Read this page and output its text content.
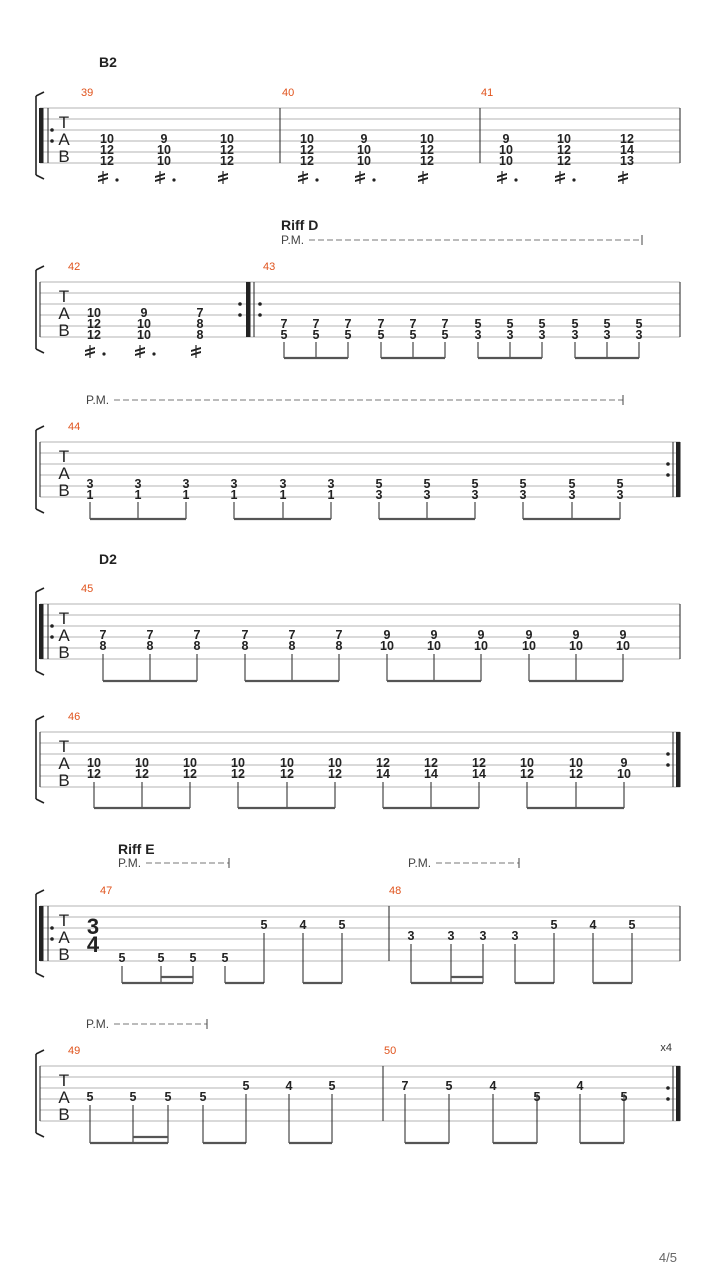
B2
T
A
B
39
10
12
12
9
10
10
10
12
12
40
10
12
12
9
10
10
10
12
12
41
9
10
10
10
12
12
12
14
13
Riff D
P.M.
T
A
B
42
10
12
12
9
10
10
7
8
8
43
7
5
7
5
7
5
7
5
7
5
7
5
5
3
5
3
5
3
5
3
5
3
5
3
P.M.
T
A
B
44
3
1
3
1
3
1
3
1
3
1
3
1
5
3
5
3
5
3
5
3
5
3
5
3
D2
T
A
B
45
7
8
7
8
7
8
7
8
7
8
7
8
9
10
9
10
9
10
9
10
9
10
9
10
T
A
B
46
10
12
10
12
10
12
10
12
10
12
10
12
12
14
12
14
12
14
10
12
10
12
9
10
Riff E
P.M.	P.M.
T
A
B
3
4
47
5	5 5 5
5	4	5
48
3	3 3 3
5	4	5
P.M.
x4
T
A
B
49
5	5 5 5
5	4	5
50
7	5	4
5
4
5
4/5
